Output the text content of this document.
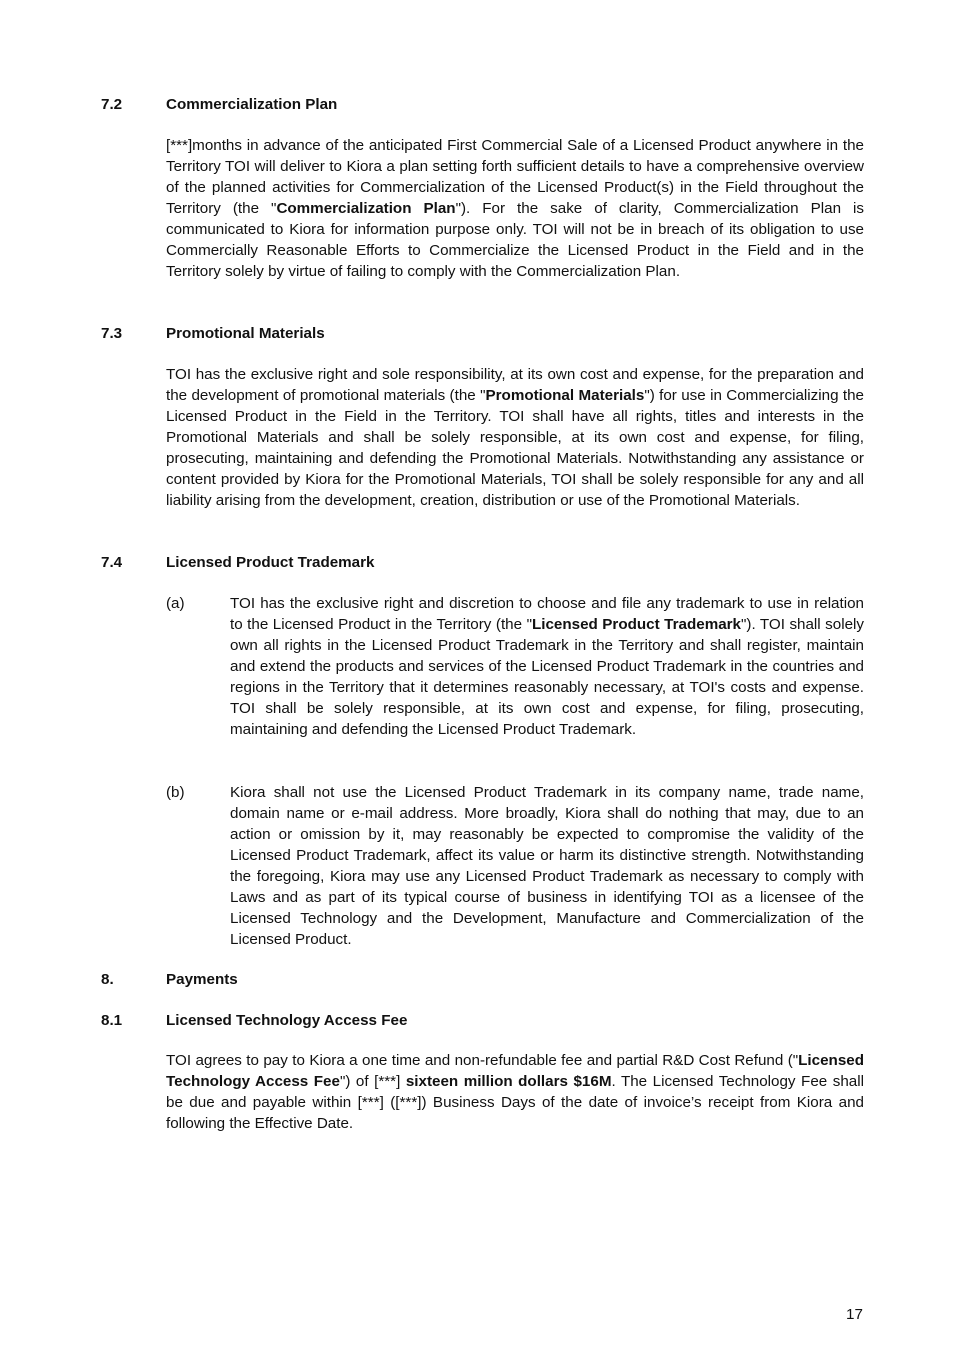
7.2	Commercialization Plan
[***]months in advance of the anticipated First Commercial Sale of a Licensed Product anywhere in the Territory TOI will deliver to Kiora a plan setting forth sufficient details to have a comprehensive overview of the planned activities for Commercialization of the Licensed Product(s) in the Field throughout the Territory (the "Commercialization Plan"). For the sake of clarity, Commercialization Plan is communicated to Kiora for information purpose only. TOI will not be in breach of its obligation to use Commercially Reasonable Efforts to Commercialize the Licensed Product in the Field and in the Territory solely by virtue of failing to comply with the Commercialization Plan.
7.3	Promotional Materials
TOI has the exclusive right and sole responsibility, at its own cost and expense, for the preparation and the development of promotional materials (the "Promotional Materials") for use in Commercializing the Licensed Product in the Field in the Territory. TOI shall have all rights, titles and interests in the Promotional Materials and shall be solely responsible, at its own cost and expense, for filing, prosecuting, maintaining and defending the Promotional Materials. Notwithstanding any assistance or content provided by Kiora for the Promotional Materials, TOI shall be solely responsible for any and all liability arising from the development, creation, distribution or use of the Promotional Materials.
7.4	Licensed Product Trademark
(a)	TOI has the exclusive right and discretion to choose and file any trademark to use in relation to the Licensed Product in the Territory (the "Licensed Product Trademark"). TOI shall solely own all rights in the Licensed Product Trademark in the Territory and shall register, maintain and extend the products and services of the Licensed Product Trademark in the countries and regions in the Territory that it determines reasonably necessary, at TOI's costs and expense. TOI shall be solely responsible, at its own cost and expense, for filing, prosecuting, maintaining and defending the Licensed Product Trademark.
(b)	Kiora shall not use the Licensed Product Trademark in its company name, trade name, domain name or e-mail address. More broadly, Kiora shall do nothing that may, due to an action or omission by it, may reasonably be expected to compromise the validity of the Licensed Product Trademark, affect its value or harm its distinctive strength. Notwithstanding the foregoing, Kiora may use any Licensed Product Trademark as necessary to comply with Laws and as part of its typical course of business in identifying TOI as a licensee of the Licensed Technology and the Development, Manufacture and Commercialization of the Licensed Product.
8.	Payments
8.1	Licensed Technology Access Fee
TOI agrees to pay to Kiora a one time and non-refundable fee and partial R&D Cost Refund ("Licensed Technology Access Fee") of [***] sixteen million dollars $16M. The Licensed Technology Fee shall be due and payable within [***] ([***]) Business Days of the date of invoice’s receipt from Kiora and following the Effective Date.
17
